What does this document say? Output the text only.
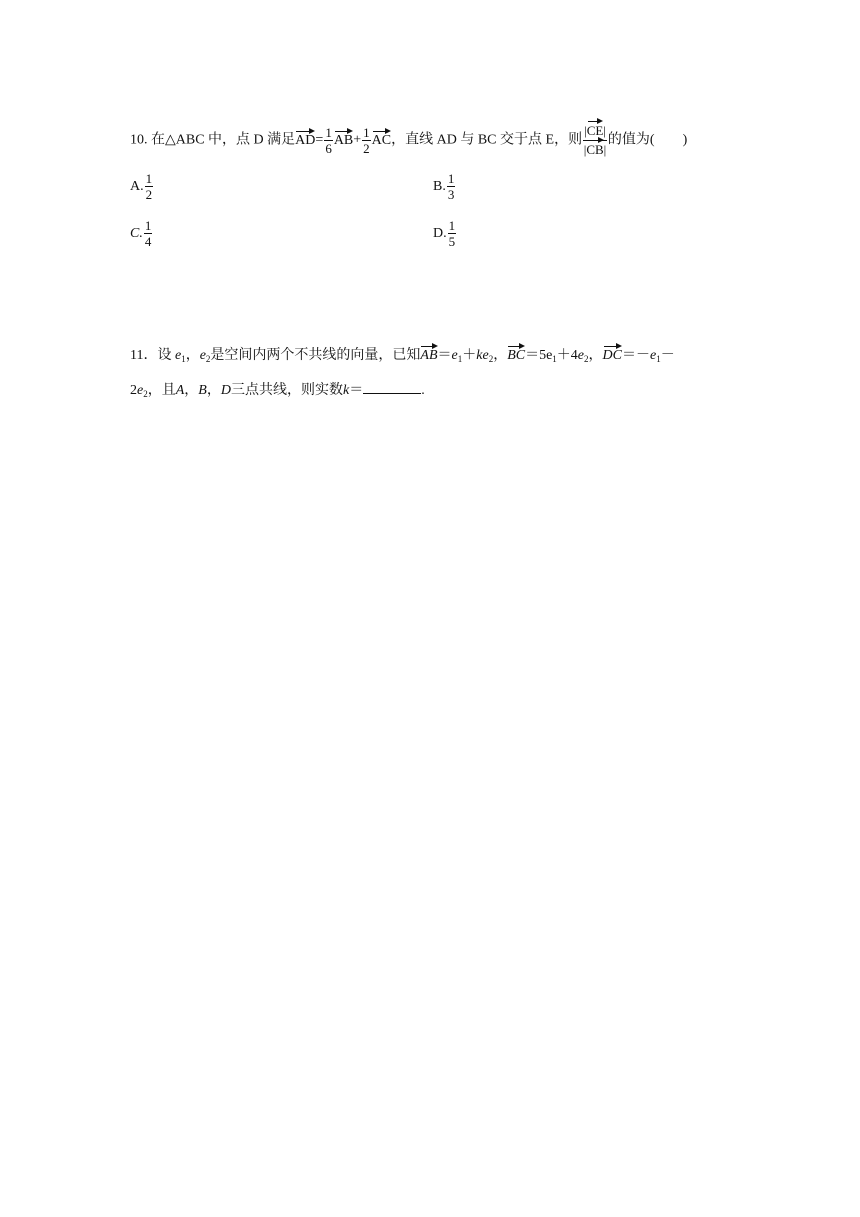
10. 在△ABC 中，点 D 满足$AD= \frac{1}{6} AB+ \frac{1}{2}$ AC，直线 AD 与 BC 交于点 E，则 $\frac{|CE|}{|CB|}$ 的值为( )
A. $\frac{1}{2}$	B. $\frac{1}{3}$
C. $\frac{1}{4}$	D. $\frac{1}{5}$
11．设 $e_1$，$e_2$是空间内两个不共线的向量，已知$AB=e_1+ke_2$，$BC=5e_1+4e_2$，$DC=-e_1-$
$2e_2$，且A，B，D三点共线，则实数k＝	.
